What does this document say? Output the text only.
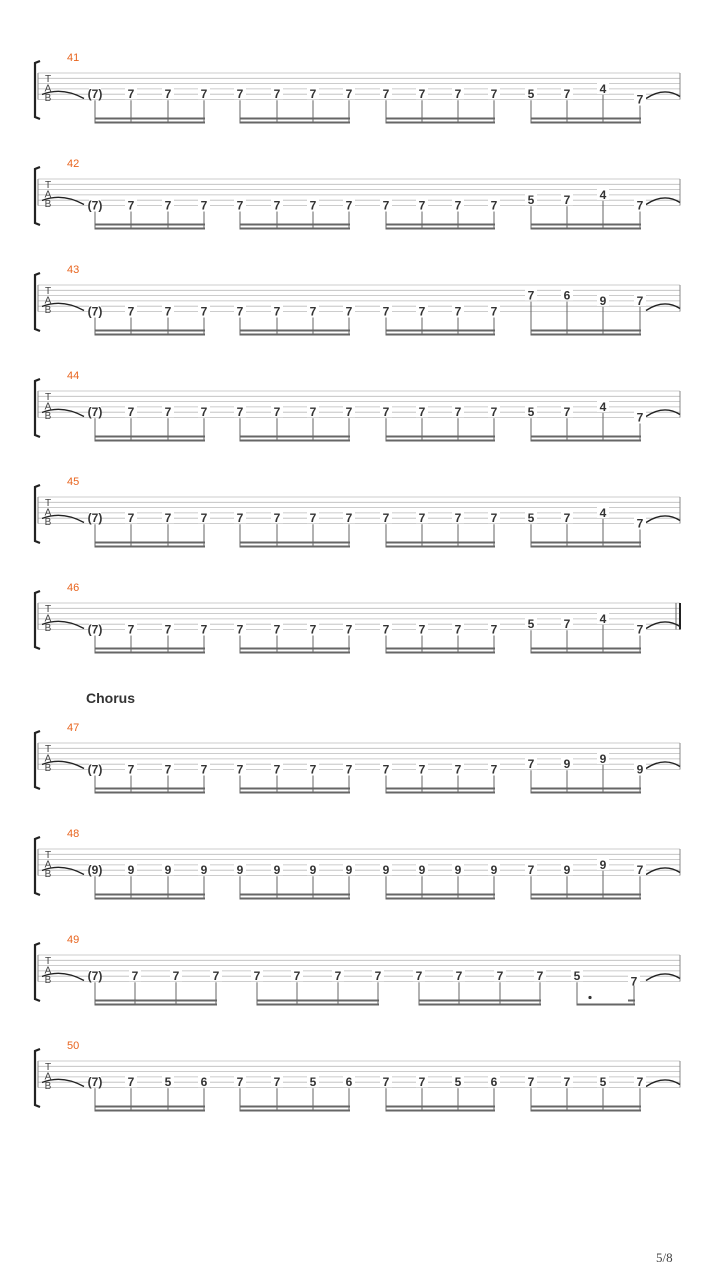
41
T
A
B	(7) 7	7 7 7	7 7 7	7 7 7 7	5 7 4
7
42
T
A
B	(7) 7	7 7 7	7 7 7	7 7 7 7	5 7 4
7
43
T
A
B	(7) 7	7 7 7	7 7 7	7 7 7 7
7 6 9	7
44
T
A
B	(7) 7	7 7 7	7 7 7	7 7 7 7	5 7 4
7
45
T
A
B	(7) 7	7 7 7	7 7 7	7 7 7 7	5 7 4
7
46
T
A
B	(7) 7	7 7 7	7 7 7	7 7 7 7	5 7 4
7
47
T
A
B	(7) 7	7 7 7	7 7 7	7 7 7 7	7 9 9
9
48
T
A
B	(9) 9	9 9 9	9 9 9	9 9 9 9	7 9 9	7
49
T
A
B	(7) 7	7	7	7	7	7	7	7	7	7	7	5	7
50
T
A
B	(7) 7	5 6 7	7 5 6	7 7 5 6	7 7 5	7
Chorus
5/8
